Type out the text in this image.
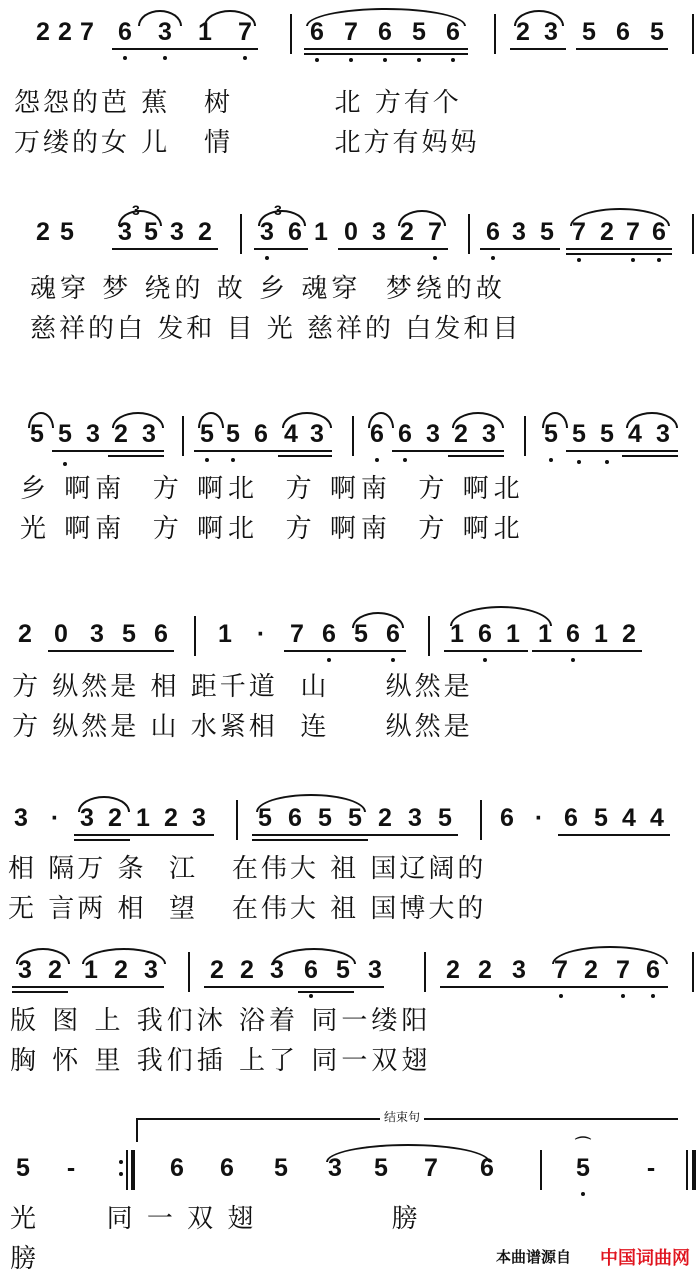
2 2 7 6 3 1 7 6 7 6 5 6 2 3 5 6 5
怨怨的芭 蕉   树         北 方有个
万缕的女 儿   情         北方有妈妈
2 5 3 5 3 2 3 6 1 0 3 2 7 6 3 5 7 2 7 6
3	3
魂穿 梦 绕的 故 乡 魂穿  梦绕的故
慈祥的白 发和 目 光 慈祥的 白发和目
5 5 3 2 3 5 5 6 4 3 6 6 3 2 3 5 5 5 4 3
乡 啊南  方 啊北  方 啊南  方 啊北
光 啊南  方 啊北  方 啊南  方 啊北
2 0 3 5 6 1 · 7 6 5 6 1 6 1 1 6 1 2
方 纵然是 相 距千道  山     纵然是
方 纵然是 山 水紧相  连     纵然是
3 · 3 2 1 2 3 5 6 5 5 2 3 5 6 · 6 5 4 4
相 隔万 条  江   在伟大 祖 国辽阔的
无 言两 相  望   在伟大 祖 国博大的
3 2 1 2 3 2 2 3 6 5 3	2 2 3 7 2 7 6
版 图 上 我们沐 浴着 同一缕阳
胸 怀 里 我们插 上了 同一双翅
结束句
5 -	6 6 5 3 5 7 6	5 -
⌒
光      同 一 双 翅            膀
膀	本曲谱源自 中国词曲网
